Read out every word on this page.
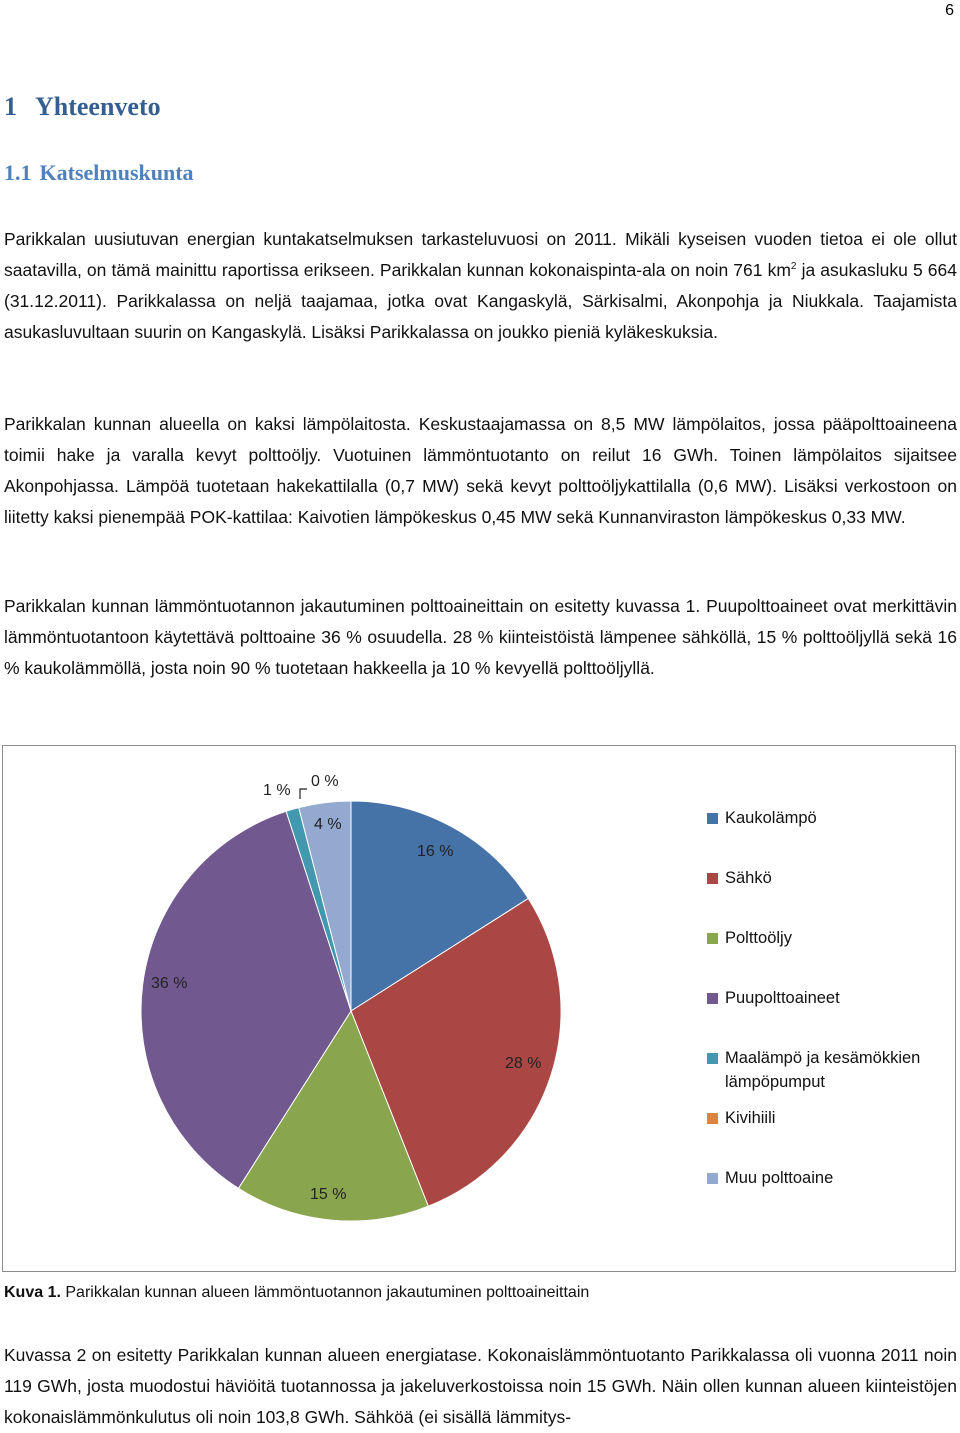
6
1 Yhteenveto
1.1 Katselmuskunta

Parikkalan uusiutuvan energian kuntakatselmuksen tarkasteluvuosi on 2011. Mikäli kyseisen vuoden tietoa ei ole ollut saatavilla, on tämä mainittu raportissa erikseen. Parikkalan kunnan kokonaispinta-ala on noin 761 $km^2$ ja asukasluku 5 664 (31.12.2011). Parikkalassa on neljä taajamaa, jotka ovat Kangaskylä, Särkisalmi, Akonpohja ja Niukkala. Taajamista asukasluvultaan suurin on Kangaskylä. Lisäksi Parikkalassa on joukko pieniä kyläkeskuksia.

Parikkalan kunnan alueella on kaksi lämpölaitosta. Keskustaajamassa on 8,5 MW lämpölaitos, jossa pääpolttoaineena toimii hake ja varalla kevyt polttoöljy. Vuotuinen lämmöntuotanto on reilut 16 GWh. Toinen lämpölaitos sijaitsee Akonpohjassa. Lämpöä tuotetaan hakekattilalla (0,7 MW) sekä kevyt polttoöljykattilalla (0,6 MW). Lisäksi verkostoon on liitetty kaksi pienempää POK-kattilaa: Kaivotien lämpökeskus 0,45 MW sekä Kunnanviraston lämpökeskus 0,33 MW.

Parikkalan kunnan lämmöntuotannon jakautuminen polttoaineittain on esitetty kuvassa 1. Puupolttoaineet ovat merkittävin lämmöntuotantoon käytettävä polttoaine 36 % osuudella. 28 % kiinteistöistä lämpenee sähköllä, 15 % polttoöljyllä sekä 16 % kaukolämmöllä, josta noin 90 % tuotetaan hakkeella ja 10 % kevyellä polttoöljyllä.

16 %
28 %
15 %
36 %
1 %
0 %
4 %	Kaukolämpö
Sähkö
Polttoöljy
Puupolttoaineet
Maalämpö ja kesämökkien lämpöpumput
Kivihiili
Muu polttoaine
Kuva 1. Parikkalan kunnan alueen lämmöntuotannon jakautuminen polttoaineittain

Kuvassa 2 on esitetty Parikkalan kunnan alueen energiatase. Kokonaislämmöntuotanto Parikkalassa oli vuonna 2011 noin 119 GWh, josta muodostui häviöitä tuotannossa ja jakeluverkostoissa noin 15 GWh. Näin ollen kunnan alueen kiinteistöjen kokonaislämmönkulutus oli noin 103,8 GWh. Sähköä (ei sisällä lämmitys-
